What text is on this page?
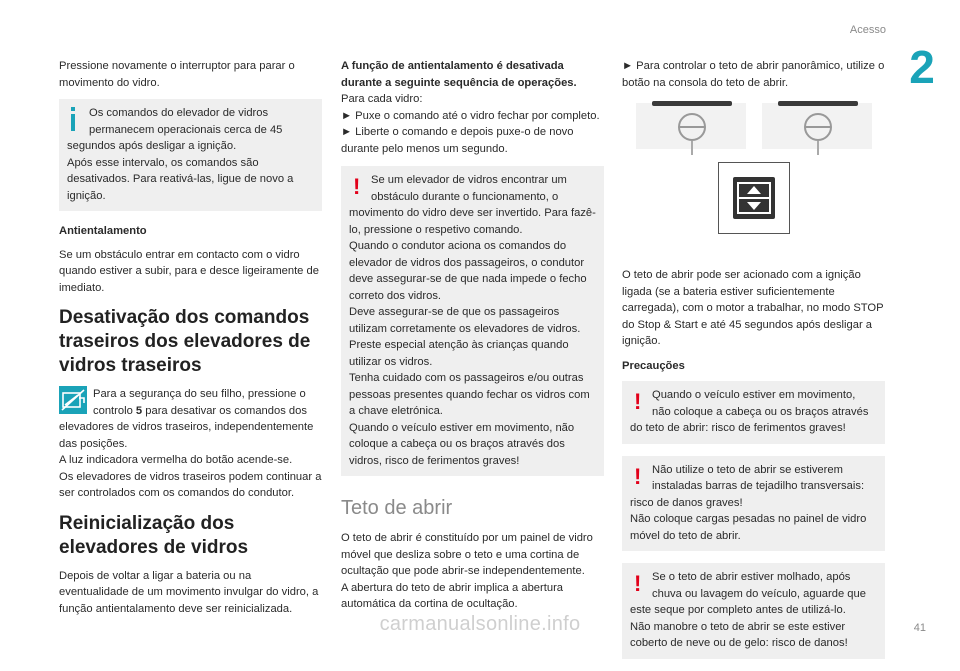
Acesso
2

Pressione novamente o interruptor para parar o movimento do vidro.

Os comandos do elevador de vidros permanecem operacionais cerca de 45 segundos após desligar a ignição.
Após esse intervalo, os comandos são desativados. Para reativá-las, ligue de novo a ignição.
Antientalamento

Se um obstáculo entrar em contacto com o vidro quando estiver a subir, para e desce ligeiramente de imediato.

Desativação dos comandos traseiros dos elevadores de vidros traseiros
Para a segurança do seu filho, pressione o controlo 5 para desativar os comandos dos elevadores de vidros traseiros, independentemente das posições.
A luz indicadora vermelha do botão acende-se.
Os elevadores de vidros traseiros podem continuar a ser controlados com os comandos do condutor.
Reinicialização dos elevadores de vidros

Depois de voltar a ligar a bateria ou na eventualidade de um movimento invulgar do vidro, a função antientalamento deve ser reinicializada.

A função de antientalamento é desativada durante a seguinte sequência de operações.
Para cada vidro:
► Puxe o comando até o vidro fechar por completo.
► Liberte o comando e depois puxe-o de novo durante pelo menos um segundo.
! Se um elevador de vidros encontrar um obstáculo durante o funcionamento, o movimento do vidro deve ser invertido. Para fazê-lo, pressione o respetivo comando.
Quando o condutor aciona os comandos do elevador de vidros dos passageiros, o condutor deve assegurar-se de que nada impede o fecho correto dos vidros.
Deve assegurar-se de que os passageiros utilizam corretamente os elevadores de vidros.
Preste especial atenção às crianças quando utilizar os vidros.
Tenha cuidado com os passageiros e/ou outras pessoas presentes quando fechar os vidros com a chave eletrónica.
Quando o veículo estiver em movimento, não coloque a cabeça ou os braços através dos vidros, risco de ferimentos graves!
Teto de abrir
O teto de abrir é constituído por um painel de vidro móvel que desliza sobre o teto e uma cortina de ocultação que pode abrir-se independentemente.
A abertura do teto de abrir implica a abertura automática da cortina de ocultação.

► Para controlar o teto de abrir panorâmico, utilize o botão na consola do teto de abrir.

O teto de abrir pode ser acionado com a ignição ligada (se a bateria estiver suficientemente carregada), com o motor a trabalhar, no modo STOP do Stop & Start e até 45 segundos após desligar a ignição.

Precauções
! Quando o veículo estiver em movimento, não coloque a cabeça ou os braços através do teto de abrir: risco de ferimentos graves!
! Não utilize o teto de abrir se estiverem instaladas barras de tejadilho transversais: risco de danos graves!
Não coloque cargas pesadas no painel de vidro móvel do teto de abrir.
! Se o teto de abrir estiver molhado, após chuva ou lavagem do veículo, aguarde que este seque por completo antes de utilizá-lo.
Não manobre o teto de abrir se este estiver coberto de neve ou de gelo: risco de danos!
41
carmanualsonline.info
